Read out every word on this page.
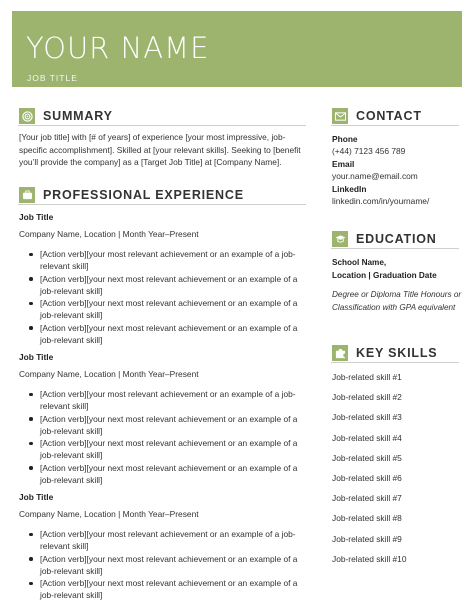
YOUR NAME
JOB TITLE
SUMMARY
[Your job title] with [# of years] of experience [your most impressive, job-specific accomplishment]. Skilled at [your relevant skills]. Seeking to [benefit you’ll provide the company] as a [Target Job Title] at [Company Name].
PROFESSIONAL EXPERIENCE
Job Title
Company Name, Location | Month Year–Present
[Action verb][your most relevant achievement or an example of a job-relevant skill]
[Action verb][your next most relevant achievement or an example of a job-relevant skill]
[Action verb][your next most relevant achievement or an example of a job-relevant skill]
[Action verb][your next most relevant achievement or an example of a job-relevant skill]
Job Title
Company Name, Location | Month Year–Present
[Action verb][your most relevant achievement or an example of a job-relevant skill]
[Action verb][your next most relevant achievement or an example of a job-relevant skill]
[Action verb][your next most relevant achievement or an example of a job-relevant skill]
[Action verb][your next most relevant achievement or an example of a job-relevant skill]
Job Title
Company Name, Location | Month Year–Present
[Action verb][your most relevant achievement or an example of a job-relevant skill]
[Action verb][your next most relevant achievement or an example of a job-relevant skill]
[Action verb][your next most relevant achievement or an example of a job-relevant skill]
CONTACT
Phone
(+44) 7123 456 789
Email
your.name@email.com
LinkedIn
linkedin.com/in/yourname/
EDUCATION
School Name,
Location | Graduation Date
Degree or Diploma Title Honours or Classification with GPA equivalent
KEY SKILLS
Job-related skill #1
Job-related skill #2
Job-related skill #3
Job-related skill #4
Job-related skill #5
Job-related skill #6
Job-related skill #7
Job-related skill #8
Job-related skill #9
Job-related skill #10
